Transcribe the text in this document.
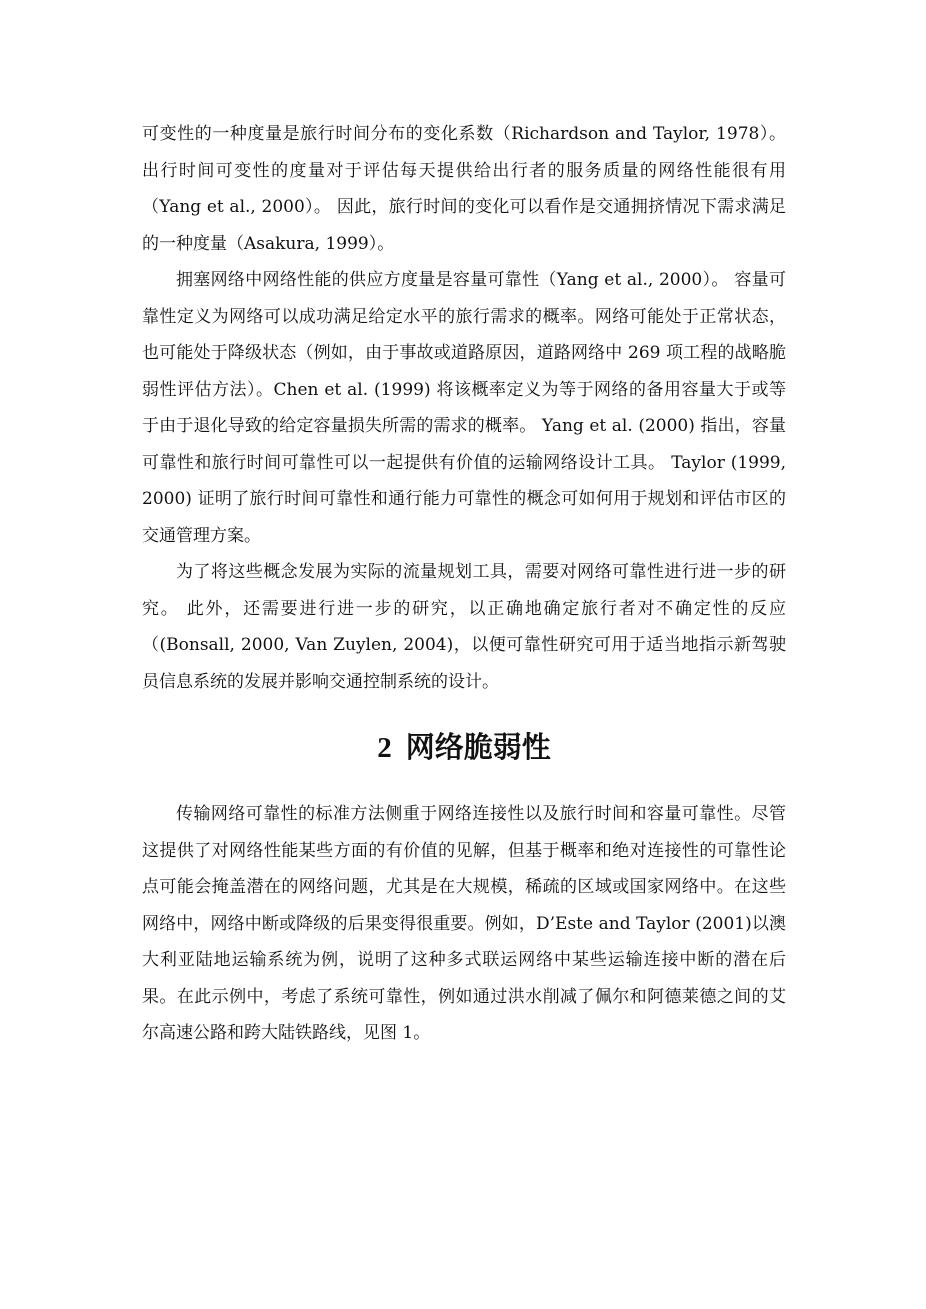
可变性的一种度量是旅行时间分布的变化系数（Richardson and Taylor, 1978）。 出行时间可变性的度量对于评估每天提供给出行者的服务质量的网络性能很有用（Yang et al., 2000）。 因此，旅行时间的变化可以看作是交通拥挤情况下需求满足的一种度量（Asakura, 1999）。

拥塞网络中网络性能的供应方度量是容量可靠性（Yang et al., 2000）。 容量可靠性定义为网络可以成功满足给定水平的旅行需求的概率。网络可能处于正常状态，也可能处于降级状态（例如，由于事故或道路原因，道路网络中 269 项工程的战略脆弱性评估方法）。Chen et al. (1999) 将该概率定义为等于网络的备用容量大于或等于由于退化导致的给定容量损失所需的需求的概率。 Yang et al. (2000) 指出，容量可靠性和旅行时间可靠性可以一起提供有价值的运输网络设计工具。 Taylor (1999, 2000) 证明了旅行时间可靠性和通行能力可靠性的概念可如何用于规划和评估市区的交通管理方案。

为了将这些概念发展为实际的流量规划工具，需要对网络可靠性进行进一步的研究。 此外，还需要进行进一步的研究，以正确地确定旅行者对不确定性的反应（(Bonsall, 2000, Van Zuylen, 2004)，以便可靠性研究可用于适当地指示新驾驶员信息系统的发展并影响交通控制系统的设计。

2 网络脆弱性

传输网络可靠性的标准方法侧重于网络连接性以及旅行时间和容量可靠性。尽管这提供了对网络性能某些方面的有价值的见解，但基于概率和绝对连接性的可靠性论点可能会掩盖潜在的网络问题，尤其是在大规模，稀疏的区域或国家网络中。在这些网络中，网络中断或降级的后果变得很重要。例如，D’Este and Taylor (2001)以澳大利亚陆地运输系统为例，说明了这种多式联运网络中某些运输连接中断的潜在后果。在此示例中，考虑了系统可靠性，例如通过洪水削减了佩尔和阿德莱德之间的艾尔高速公路和跨大陆铁路线，见图 1。
